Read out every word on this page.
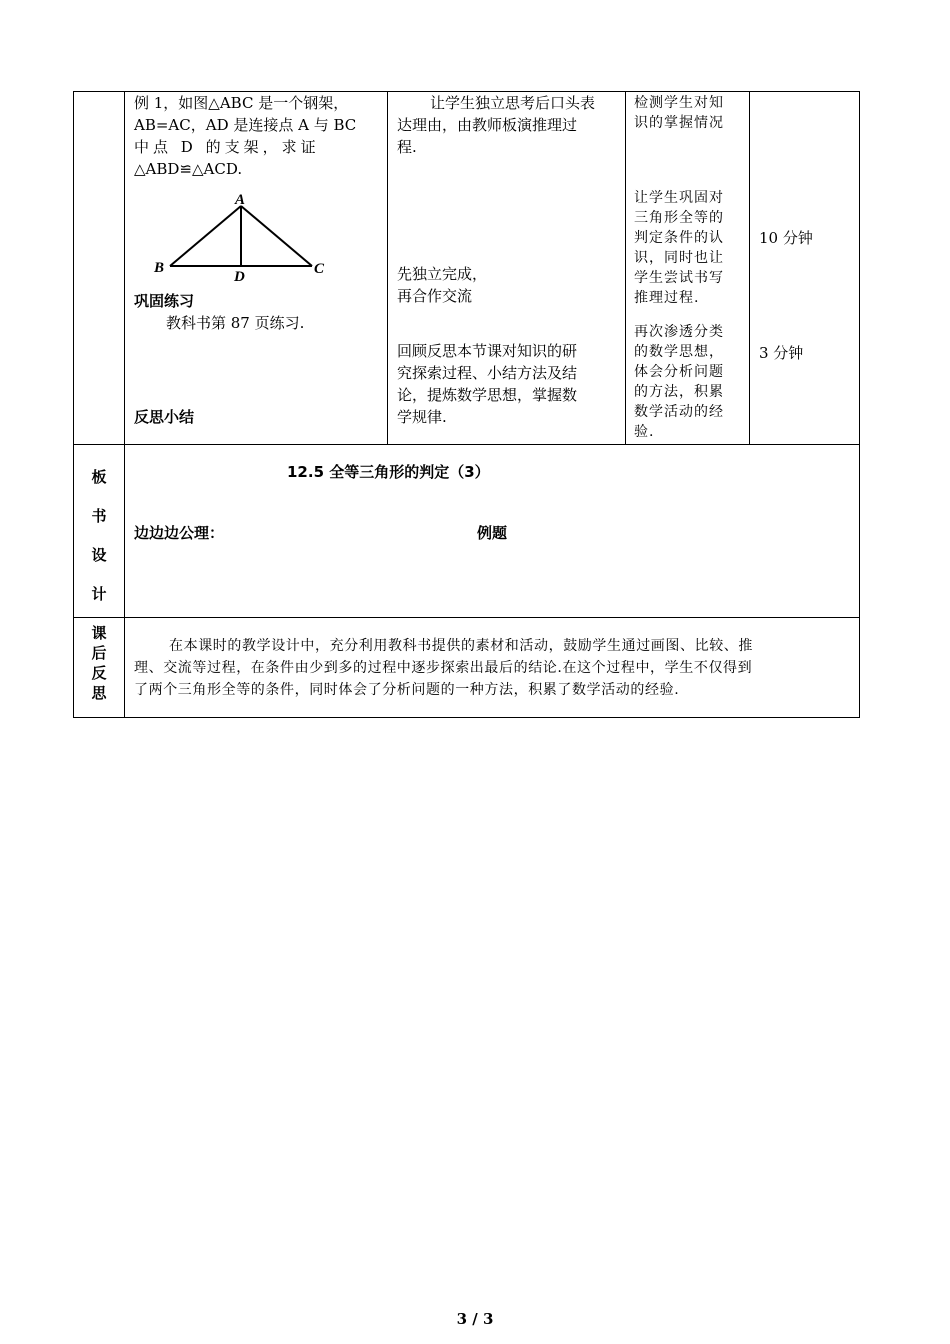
例 1，如图△ABC 是一个钢架，
AB=AC，AD 是连接点 A 与 BC
中点 D 的支架，求证
△ABD≌△ACD.
A
B	C
D
巩固练习
教科书第 87 页练习.
反思小结
让学生独立思考后口头表
达理由，由教师板演推理过
程.
先独立完成，
再合作交流
回顾反思本节课对知识的研
究探索过程、小结方法及结
论，提炼数学思想，掌握数
学规律.
检测学生对知
识的掌握情况
让学生巩固对
三角形全等的
判定条件的认
识，同时也让
学生尝试书写
推理过程.
再次渗透分类
的数学思想，
体会分析问题
的方法，积累
数学活动的经
验.
10 分钟
3 分钟
板
书
设
计
12.5 全等三角形的判定（3）
边边边公理：	例题
课
后
反
思
在本课时的教学设计中，充分利用教科书提供的素材和活动，鼓励学生通过画图、比较、推
理、交流等过程，在条件由少到多的过程中逐步探索出最后的结论.在这个过程中，学生不仅得到
了两个三角形全等的条件，同时体会了分析问题的一种方法，积累了数学活动的经验.
3 / 3
